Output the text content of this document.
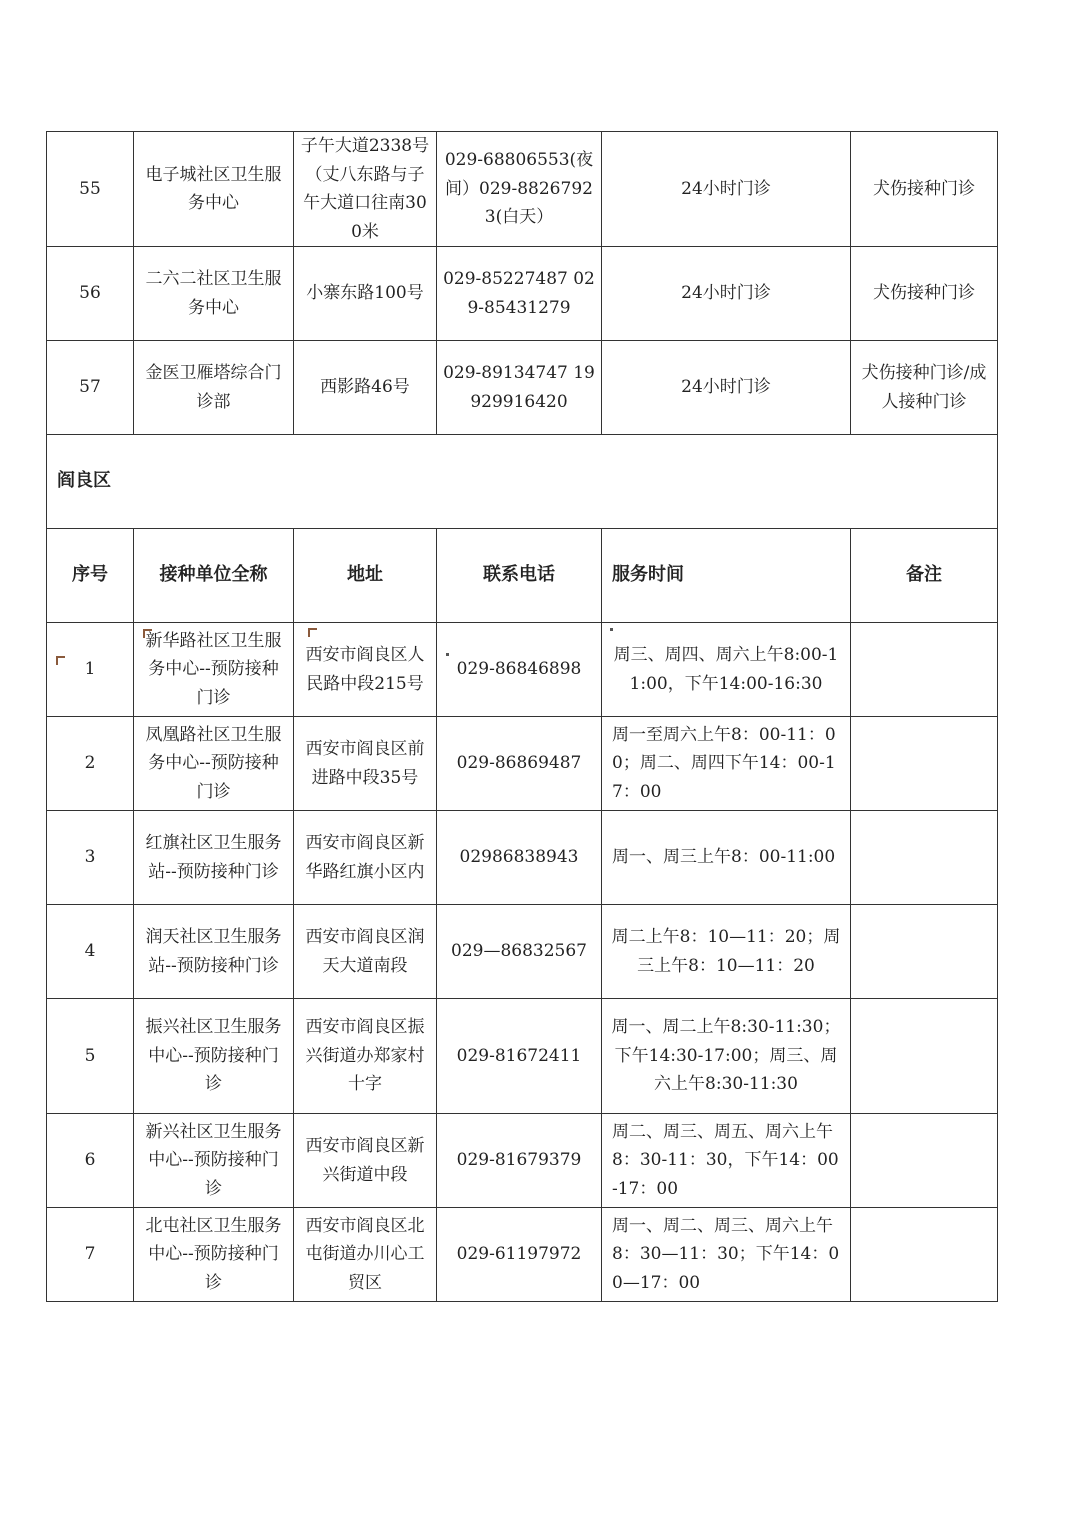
55	电子城社区卫生服务中心	子午大道2338号（丈八东路与子午大道口往南300米	029-68806553(夜间）029-88267923(白天）	24小时门诊	犬伤接种门诊
56	二六二社区卫生服务中心	小寨东路100号	029-85227487 029-85431279	24小时门诊	犬伤接种门诊
57	金医卫雁塔综合门诊部	西影路46号	029-89134747 19929916420	24小时门诊	犬伤接种门诊/成人接种门诊
阎良区					
序号	接种单位全称	地址	联系电话	服务时间	备注
1	新华路社区卫生服务中心--预防接种门诊	西安市阎良区人民路中段215号	029-86846898	周三、周四、周六上午8:00-11:00，下午14:00-16:30	
2	凤凰路社区卫生服务中心--预防接种门诊	西安市阎良区前进路中段35号	029-86869487	周一至周六上午8：00-11：00；周二、周四下午14：00-17：00	
3	红旗社区卫生服务站--预防接种门诊	西安市阎良区新华路红旗小区内	02986838943	周一、周三上午8：00-11:00	
4	润天社区卫生服务站--预防接种门诊	西安市阎良区润天大道南段	029—86832567	周二上午8：10—11：20；周三上午8：10—11：20	
5	振兴社区卫生服务中心--预防接种门诊	西安市阎良区振兴街道办郑家村十字	029-81672411	周一、周二上午8:30-11:30；下午14:30-17:00；周三、周六上午8:30-11:30	
6	新兴社区卫生服务中心--预防接种门诊	西安市阎良区新兴街道中段	029-81679379	周二、周三、周五、周六上午8：30-11：30，下午14：00-17：00	
7	北屯社区卫生服务中心--预防接种门诊	西安市阎良区北屯街道办川心工贸区	029-61197972	周一、周二、周三、周六上午8：30—11：30；下午14：00—17：00	
